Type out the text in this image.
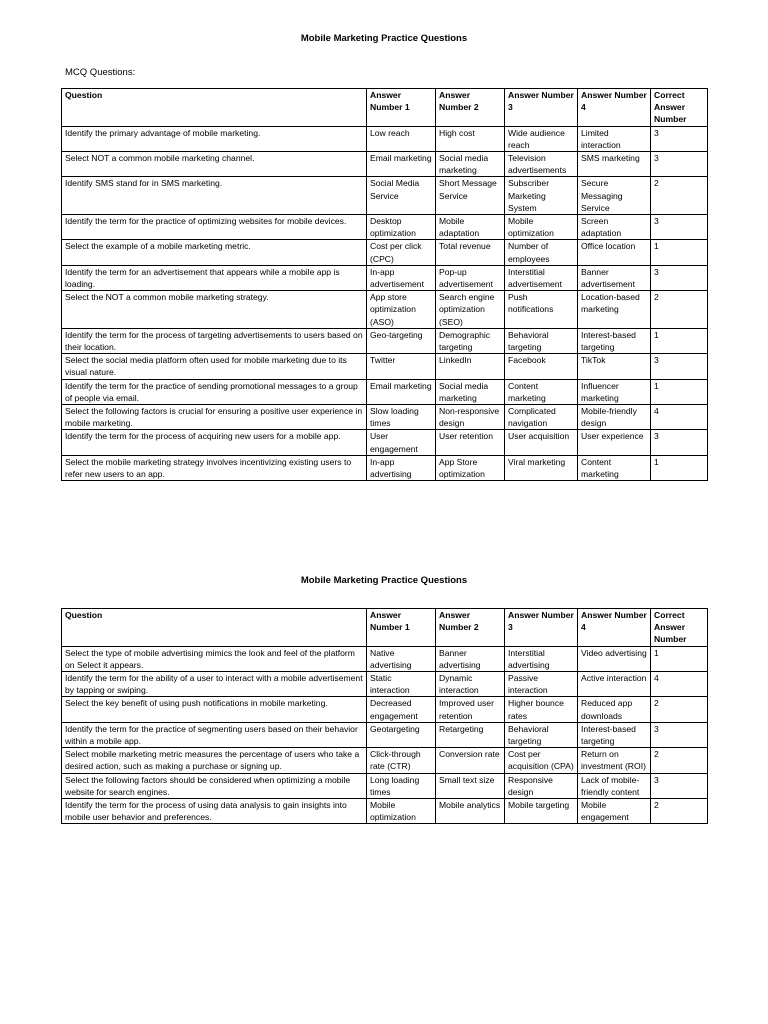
Mobile Marketing Practice Questions
MCQ Questions:
Question	Answer Number 1	Answer Number 2	Answer Number 3	Answer Number 4	Correct Answer Number
Identify the primary advantage of mobile marketing.	Low reach	High cost	Wide audience reach	Limited interaction	3
Select NOT a common mobile marketing channel.	Email marketing	Social media marketing	Television advertisements	SMS marketing	3
Identify SMS stand for in SMS marketing.	Social Media Service	Short Message Service	Subscriber Marketing System	Secure Messaging Service	2
Identify the term for the practice of optimizing websites for mobile devices.	Desktop optimization	Mobile adaptation	Mobile optimization	Screen adaptation	3
Select the example of a mobile marketing metric.	Cost per click (CPC)	Total revenue	Number of employees	Office location	1
Identify the term for an advertisement that appears while a mobile app is loading.	In-app advertisement	Pop-up advertisement	Interstitial advertisement	Banner advertisement	3
Select the NOT a common mobile marketing strategy.	App store optimization (ASO)	Search engine optimization (SEO)	Push notifications	Location-based marketing	2
Identify the term for the process of targeting advertisements to users based on their location.	Geo-targeting	Demographic targeting	Behavioral targeting	Interest-based targeting	1
Select the social media platform often used for mobile marketing due to its visual nature.	Twitter	LinkedIn	Facebook	TikTok	3
Identify the term for the practice of sending promotional messages to a group of people via email.	Email marketing	Social media marketing	Content marketing	Influencer marketing	1
Select the following factors is crucial for ensuring a positive user experience in mobile marketing.	Slow loading times	Non-responsive design	Complicated navigation	Mobile-friendly design	4
Identify the term for the process of acquiring new users for a mobile app.	User engagement	User retention	User acquisition	User experience	3
Select the mobile marketing strategy involves incentivizing existing users to refer new users to an app.	In-app advertising	App Store optimization	Viral marketing	Content marketing	1
Mobile Marketing Practice Questions
Question	Answer Number 1	Answer Number 2	Answer Number 3	Answer Number 4	Correct Answer Number
Select the type of mobile advertising mimics the look and feel of the platform on Select it appears.	Native advertising	Banner advertising	Interstitial advertising	Video advertising	1
Identify the term for the ability of a user to interact with a mobile advertisement by tapping or swiping.	Static interaction	Dynamic interaction	Passive interaction	Active interaction	4
Select the key benefit of using push notifications in mobile marketing.	Decreased engagement	Improved user retention	Higher bounce rates	Reduced app downloads	2
Identify the term for the practice of segmenting users based on their behavior within a mobile app.	Geotargeting	Retargeting	Behavioral targeting	Interest-based targeting	3
Select mobile marketing metric measures the percentage of users who take a desired action, such as making a purchase or signing up.	Click-through rate (CTR)	Conversion rate	Cost per acquisition (CPA)	Return on investment (ROI)	2
Select the following factors should be considered when optimizing a mobile website for search engines.	Long loading times	Small text size	Responsive design	Lack of mobile-friendly content	3
Identify the term for the process of using data analysis to gain insights into mobile user behavior and preferences.	Mobile optimization	Mobile analytics	Mobile targeting	Mobile engagement	2
